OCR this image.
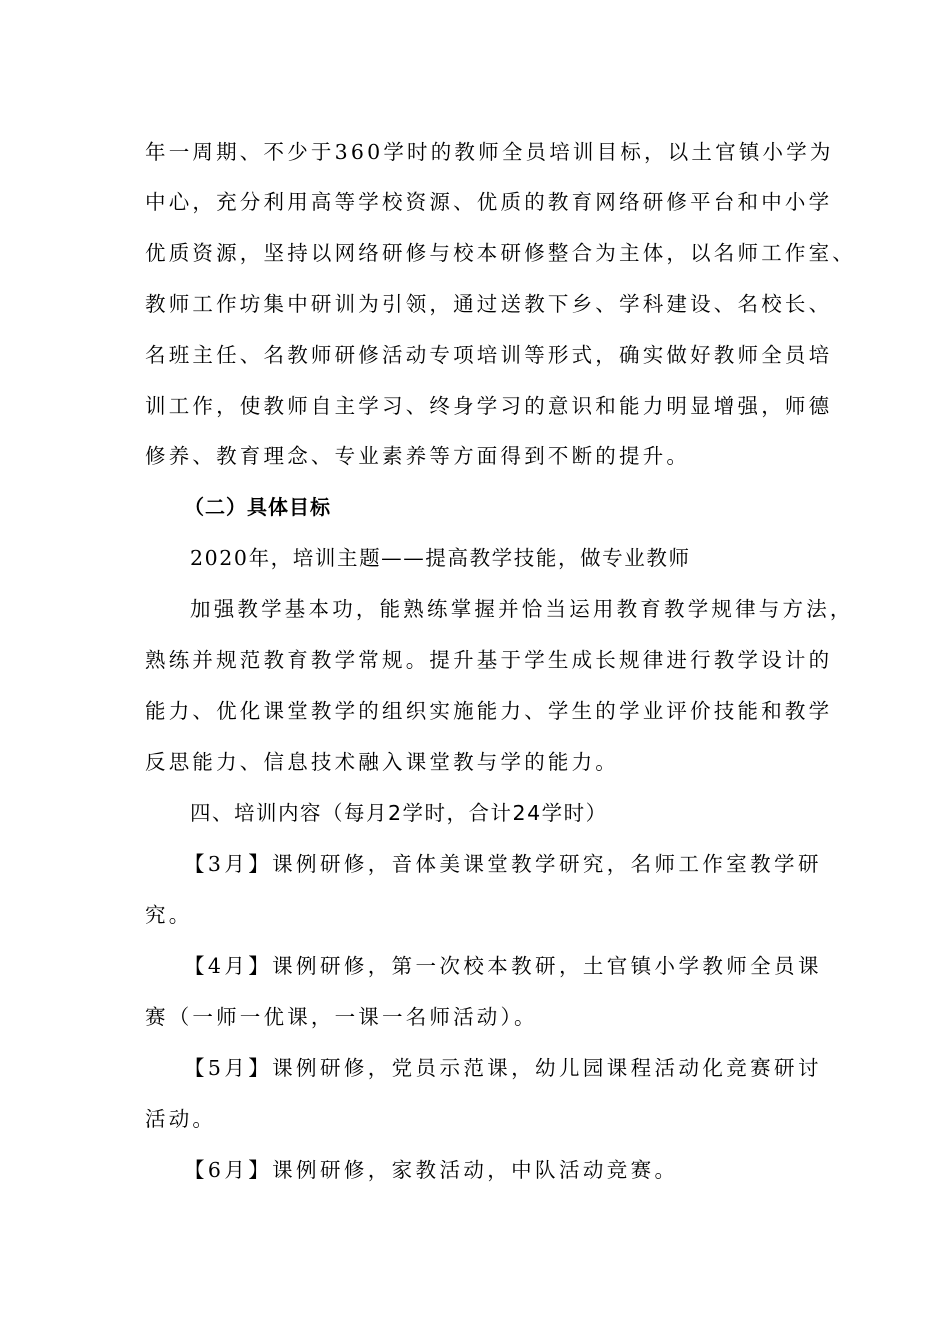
年一周期、不少于360学时的教师全员培训目标，以土官镇小学为
中心，充分利用高等学校资源、优质的教育网络研修平台和中小学
优质资源，坚持以网络研修与校本研修整合为主体，以名师工作室、
教师工作坊集中研训为引领，通过送教下乡、学科建设、名校长、
名班主任、名教师研修活动专项培训等形式，确实做好教师全员培
训工作，使教师自主学习、终身学习的意识和能力明显增强，师德
修养、教育理念、专业素养等方面得到不断的提升。
（二）具体目标
2020年，培训主题——提高教学技能，做专业教师
加强教学基本功，能熟练掌握并恰当运用教育教学规律与方法，
熟练并规范教育教学常规。提升基于学生成长规律进行教学设计的
能力、优化课堂教学的组织实施能力、学生的学业评价技能和教学
反思能力、信息技术融入课堂教与学的能力。
四、培训内容（每月2学时，合计24学时）
【3月】课例研修，音体美课堂教学研究，名师工作室教学研
究。
【4月】课例研修，第一次校本教研，土官镇小学教师全员课
赛（一师一优课，一课一名师活动）。
【5月】课例研修，党员示范课，幼儿园课程活动化竞赛研讨
活动。
【6月】课例研修，家教活动，中队活动竞赛。
